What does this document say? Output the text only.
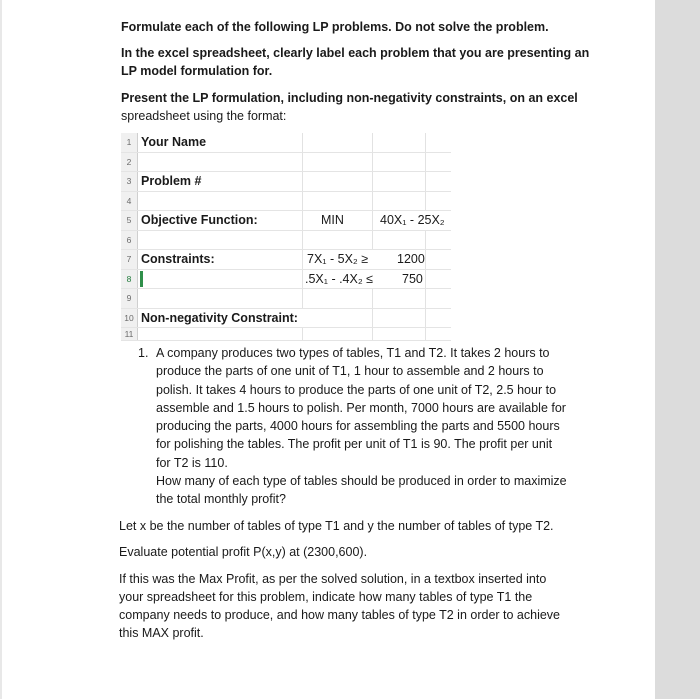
Formulate each of the following LP problems. Do not solve the problem.
In the excel spreadsheet, clearly label each problem that you are presenting an
LP model formulation for.
Present the LP formulation, including non-negativity constraints, on an excel
spreadsheet using the format:
1 Your Name
2
3 Problem #
4
5 Objective Function:	MIN	40X₁ - 25X₂
6
7 Constraints:	7X₁ - 5X₂ ≥ 1200
8	.5X₁ - .4X₂ ≤ 750
9
10 Non-negativity Constraint:
11
1. A company produces two types of tables, T1 and T2. It takes 2 hours to
produce the parts of one unit of T1, 1 hour to assemble and 2 hours to
polish. It takes 4 hours to produce the parts of one unit of T2, 2.5 hour to
assemble and 1.5 hours to polish. Per month, 7000 hours are available for
producing the parts, 4000 hours for assembling the parts and 5500 hours
for polishing the tables. The profit per unit of T1 is 90. The profit per unit
for T2 is 110.
How many of each type of tables should be produced in order to maximize
the total monthly profit?
Let x be the number of tables of type T1 and y the number of tables of type T2.
Evaluate potential profit P(x,y) at (2300,600).
If this was the Max Profit, as per the solved solution, in a textbox inserted into
your spreadsheet for this problem, indicate how many tables of type T1 the
company needs to produce, and how many tables of type T2 in order to achieve
this MAX profit.
